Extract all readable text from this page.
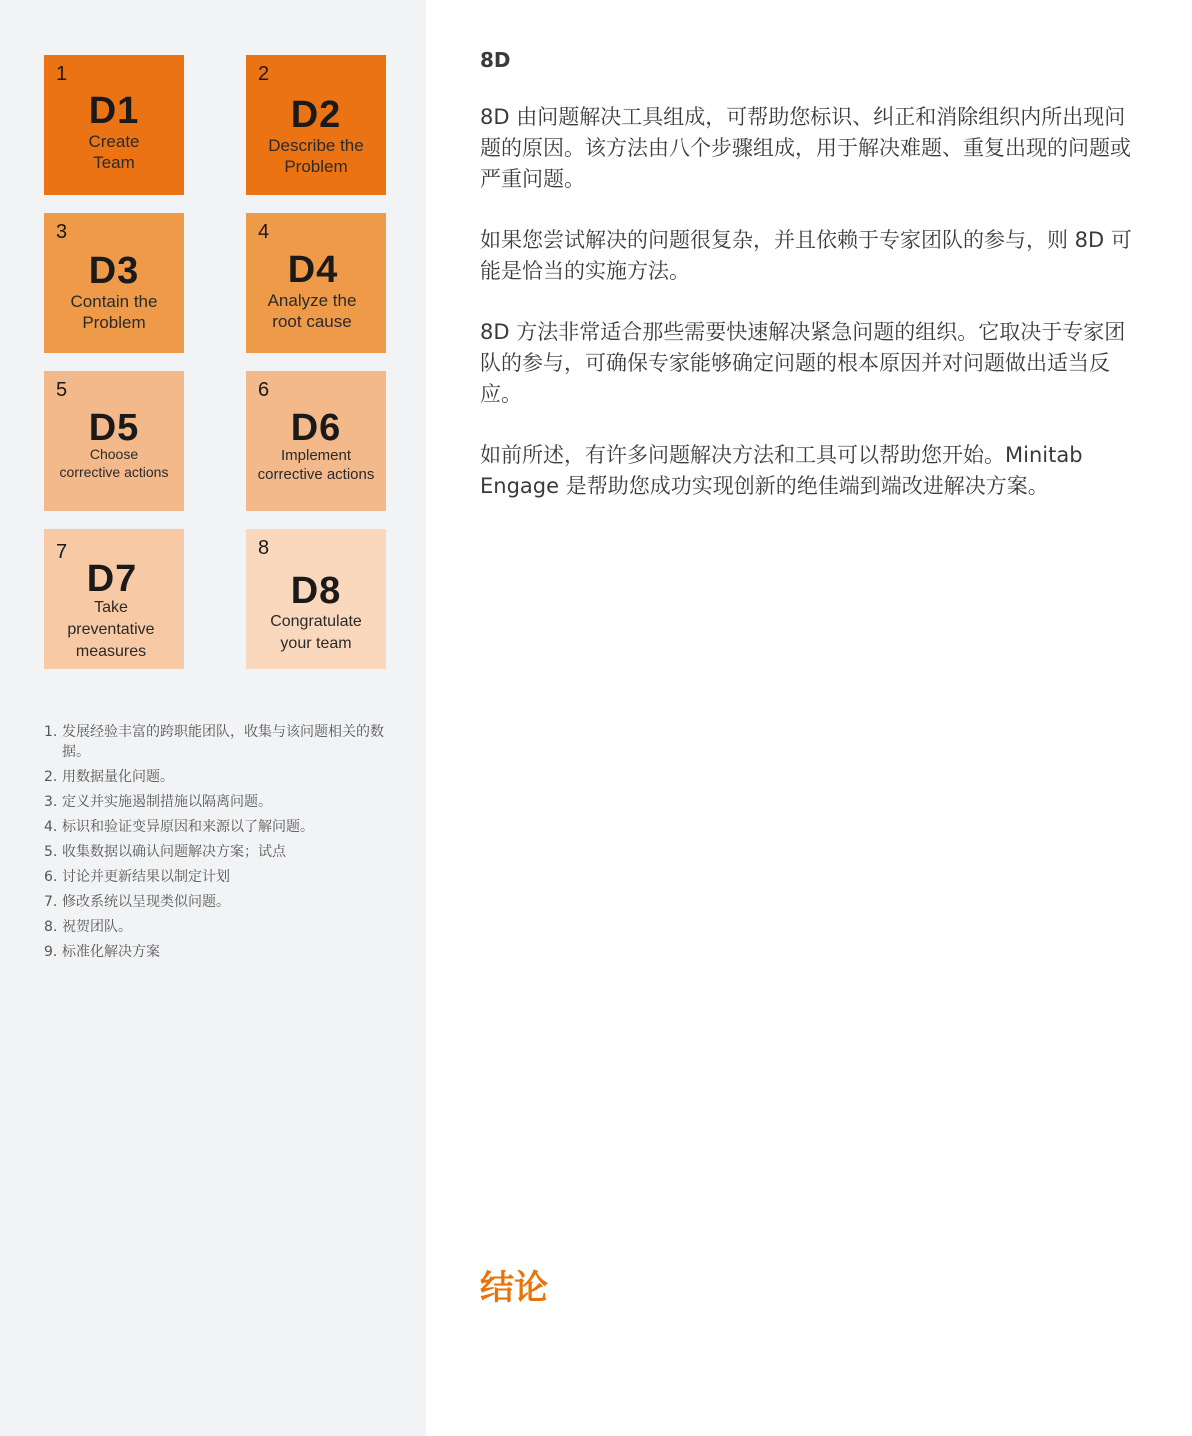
1
D1
Create
Team
2
D2
Describe the
Problem
3
D3
Contain the
Problem
4
D4
Analyze the
root cause
5
D5
Choose
corrective actions
6
D6
Implement
corrective actions
7
D7
Take
preventative
measures
8
D8
Congratulate
your team
1. 发展经验丰富的跨职能团队，收集与该问题相关的数据。
2. 用数据量化问题。
3. 定义并实施遏制措施以隔离问题。
4. 标识和验证变异原因和来源以了解问题。
5. 收集数据以确认问题解决方案；试点
6. 讨论并更新结果以制定计划
7. 修改系统以呈现类似问题。
8. 祝贺团队。
9. 标准化解决方案
8D

8D 由问题解决工具组成，可帮助您标识、纠正和消除组织内所出现问题的原因。该方法由八个步骤组成，用于解决难题、重复出现的问题或严重问题。

如果您尝试解决的问题很复杂，并且依赖于专家团队的参与，则 8D 可能是恰当的实施方法。

8D 方法非常适合那些需要快速解决紧急问题的组织。它取决于专家团队的参与，可确保专家能够确定问题的根本原因并对问题做出适当反应。

如前所述，有许多问题解决方法和工具可以帮助您开始。Minitab Engage 是帮助您成功实现创新的绝佳端到端改进解决方案。

结论
